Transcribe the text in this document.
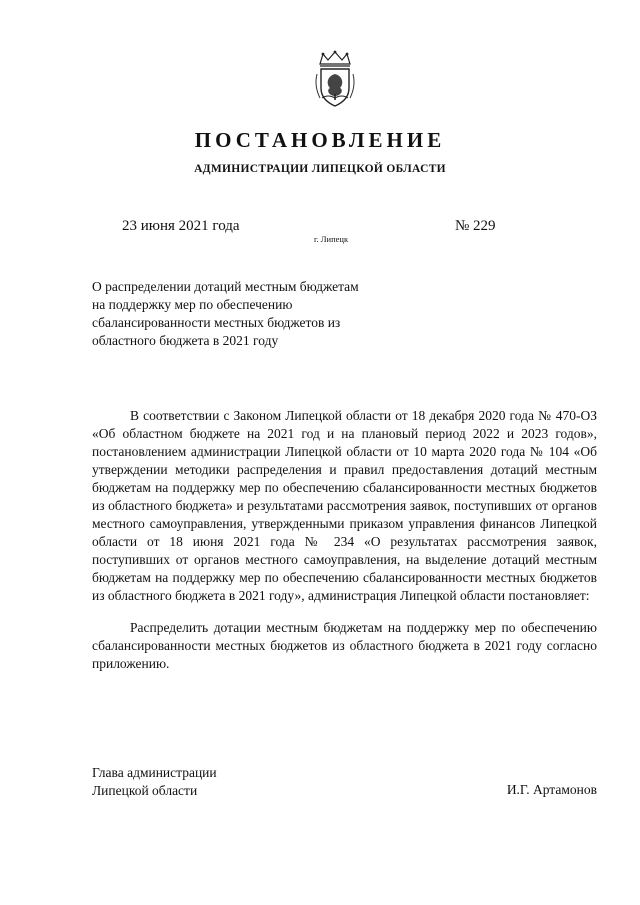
ПОСТАНОВЛЕНИЕ
АДМИНИСТРАЦИИ ЛИПЕЦКОЙ ОБЛАСТИ
23 июня 2021 года
г. Липецк
№ 229
О распределении дотаций местным бюджетам на поддержку мер по обеспечению сбалансированности местных бюджетов из областного бюджета в 2021 году

В соответствии с Законом Липецкой области от 18 декабря 2020 года № 470-ОЗ «Об областном бюджете на 2021 год и на плановый период 2022 и 2023 годов», постановлением администрации Липецкой области от 10 марта 2020 года № 104 «Об утверждении методики распределения и правил предоставления дотаций местным бюджетам на поддержку мер по обеспечению сбалансированности местных бюджетов из областного бюджета» и результатами рассмотрения заявок, поступивших от органов местного самоуправления, утвержденными приказом управления финансов Липецкой области от 18 июня 2021 года № 234 «О результатах рассмотрения заявок, поступивших от органов местного самоуправления, на выделение дотаций местным бюджетам на поддержку мер по обеспечению сбалансированности местных бюджетов из областного бюджета в 2021 году», администрация Липецкой области постановляет:

Распределить дотации местным бюджетам на поддержку мер по обеспечению сбалансированности местных бюджетов из областного бюджета в 2021 году согласно приложению.

Глава администрации
Липецкой области	И.Г. Артамонов
